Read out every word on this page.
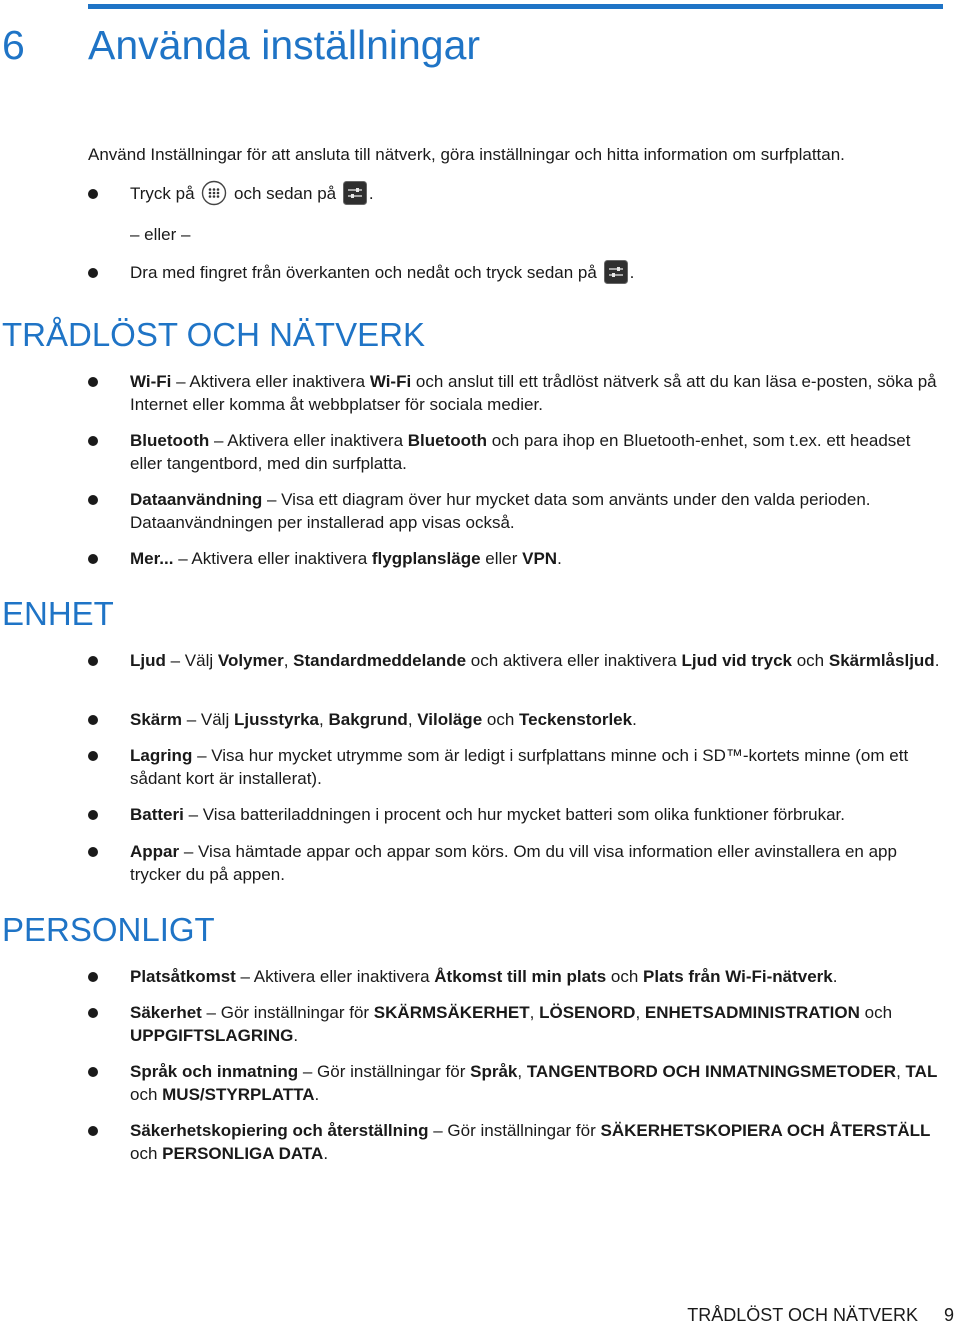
6 Använda inställningar
Använd Inställningar för att ansluta till nätverk, göra inställningar och hitta information om surfplattan.
Tryck på och sedan på .
– eller –
Dra med fingret från överkanten och nedåt och tryck sedan på .
TRÅDLÖST OCH NÄTVERK
Wi-Fi – Aktivera eller inaktivera Wi-Fi och anslut till ett trådlöst nätverk så att du kan läsa e-posten, söka på Internet eller komma åt webbplatser för sociala medier.
Bluetooth – Aktivera eller inaktivera Bluetooth och para ihop en Bluetooth-enhet, som t.ex. ett headset eller tangentbord, med din surfplatta.
Dataanvändning – Visa ett diagram över hur mycket data som använts under den valda perioden. Dataanvändningen per installerad app visas också.
Mer... – Aktivera eller inaktivera flygplansläge eller VPN.
ENHET
Ljud – Välj Volymer, Standardmeddelande och aktivera eller inaktivera Ljud vid tryck och Skärmlåsljud.
Skärm – Välj Ljusstyrka, Bakgrund, Viloläge och Teckenstorlek.
Lagring – Visa hur mycket utrymme som är ledigt i surfplattans minne och i SD™-kortets minne (om ett sådant kort är installerat).
Batteri – Visa batteriladdningen i procent och hur mycket batteri som olika funktioner förbrukar.
Appar – Visa hämtade appar och appar som körs. Om du vill visa information eller avinstallera en app trycker du på appen.
PERSONLIGT
Platsåtkomst – Aktivera eller inaktivera Åtkomst till min plats och Plats från Wi-Fi-nätverk.
Säkerhet – Gör inställningar för SKÄRMSÄKERHET, LÖSENORD, ENHETSADMINISTRATION och UPPGIFTSLAGRING.
Språk och inmatning – Gör inställningar för Språk, TANGENTBORD OCH INMATNINGSMETODER, TAL och MUS/STYRPLATTA.
Säkerhetskopiering och återställning – Gör inställningar för SÄKERHETSKOPIERA OCH ÅTERSTÄLL och PERSONLIGA DATA.
TRÅDLÖST OCH NÄTVERK 9
